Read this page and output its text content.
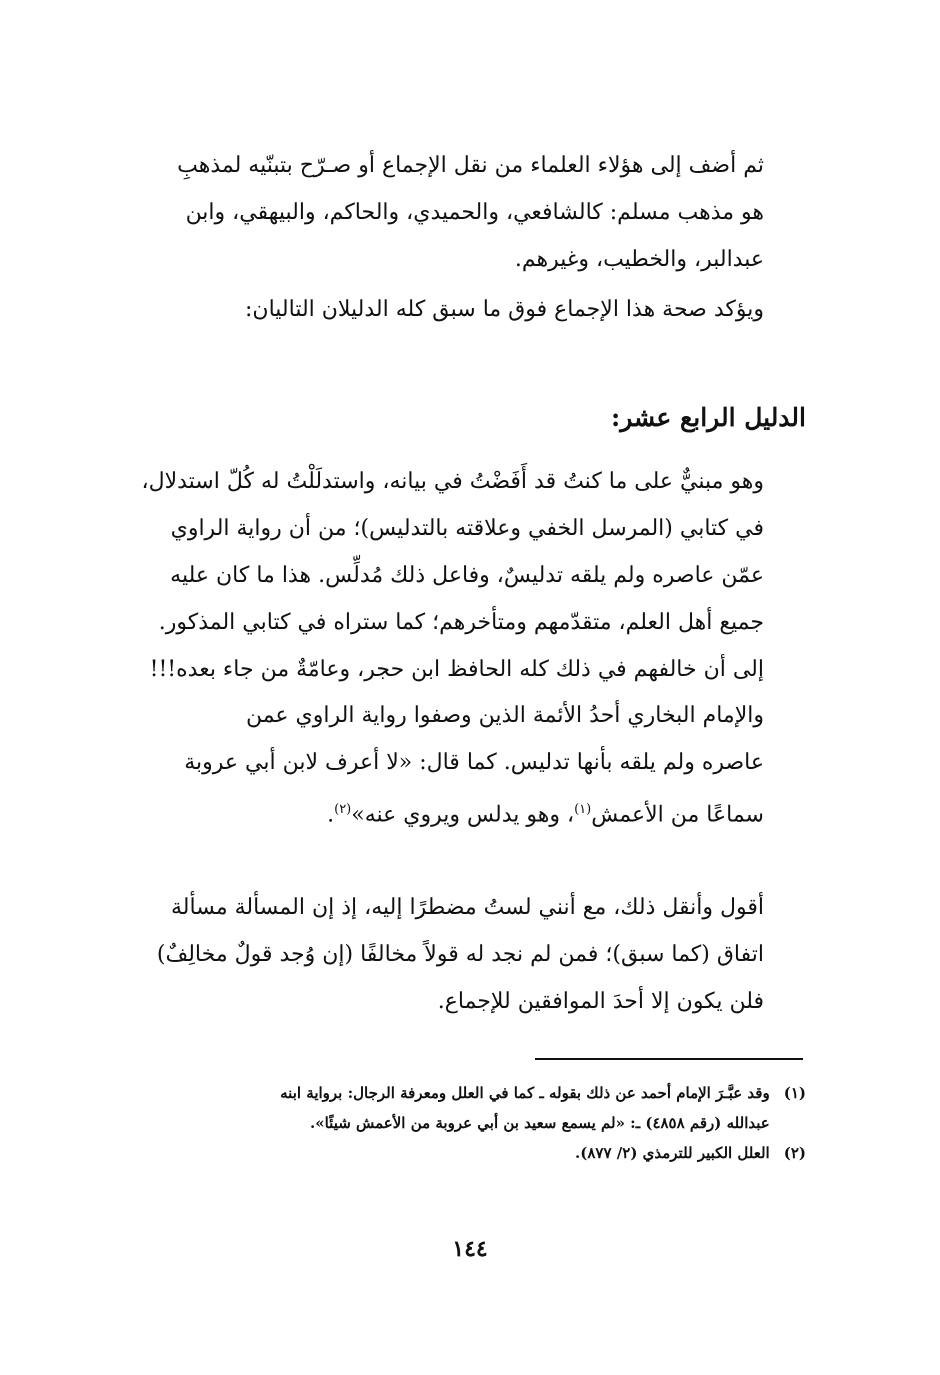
ثم أضف إلى هؤلاء العلماء من نقل الإجماع أو صـرّح بتبنّيه لمذهبِ
هو مذهب مسلم: كالشافعي، والحميدي، والحاكم، والبيهقي، وابن
عبدالبر، والخطيب، وغيرهم.

ويؤكد صحة هذا الإجماع فوق ما سبق كله الدليلان التاليان:

الدليل الرابع عشر:

وهو مبنيٌّ على ما كنتُ قد أَفَضْتُ في بيانه، واستدلَلْتُ له كُلّ استدلال،
في كتابي (المرسل الخفي وعلاقته بالتدليس)؛ من أن رواية الراوي
عمّن عاصره ولم يلقه تدليسٌ، وفاعل ذلك مُدلِّس. هذا ما كان عليه
جميع أهل العلم، متقدّمهم ومتأخرهم؛ كما ستراه في كتابي المذكور.
إلى أن خالفهم في ذلك كله الحافظ ابن حجر، وعامّةٌ من جاء بعده!!!

والإمام البخاري أحدُ الأئمة الذين وصفوا رواية الراوي عمن
عاصره ولم يلقه بأنها تدليس. كما قال: «لا أعرف لابن أبي عروبة
سماعًا من الأعمش$^{(١)}$، وهو يدلس ويروي عنه»$^{(٢)}$.

أقول وأنقل ذلك، مع أنني لستُ مضطرًا إليه، إذ إن المسألة مسألة
اتفاق (كما سبق)؛ فمن لم نجد له قولاً مخالفًا (إن وُجد قولٌ مخالِفٌ)
فلن يكون إلا أحدَ الموافقين للإجماع.

(١)
وقد عبَّـرَ الإمام أحمد عن ذلك بقوله ـ كما في العلل ومعرفة الرجال: برواية ابنه
عبدالله (رقم ٤٨٥٨) ـ: «لم يسمع سعيد بن أبي عروبة من الأعمش شيئًا».
(٢)
العلل الكبير للترمذي (٢/ ٨٧٧).
١٤٤
